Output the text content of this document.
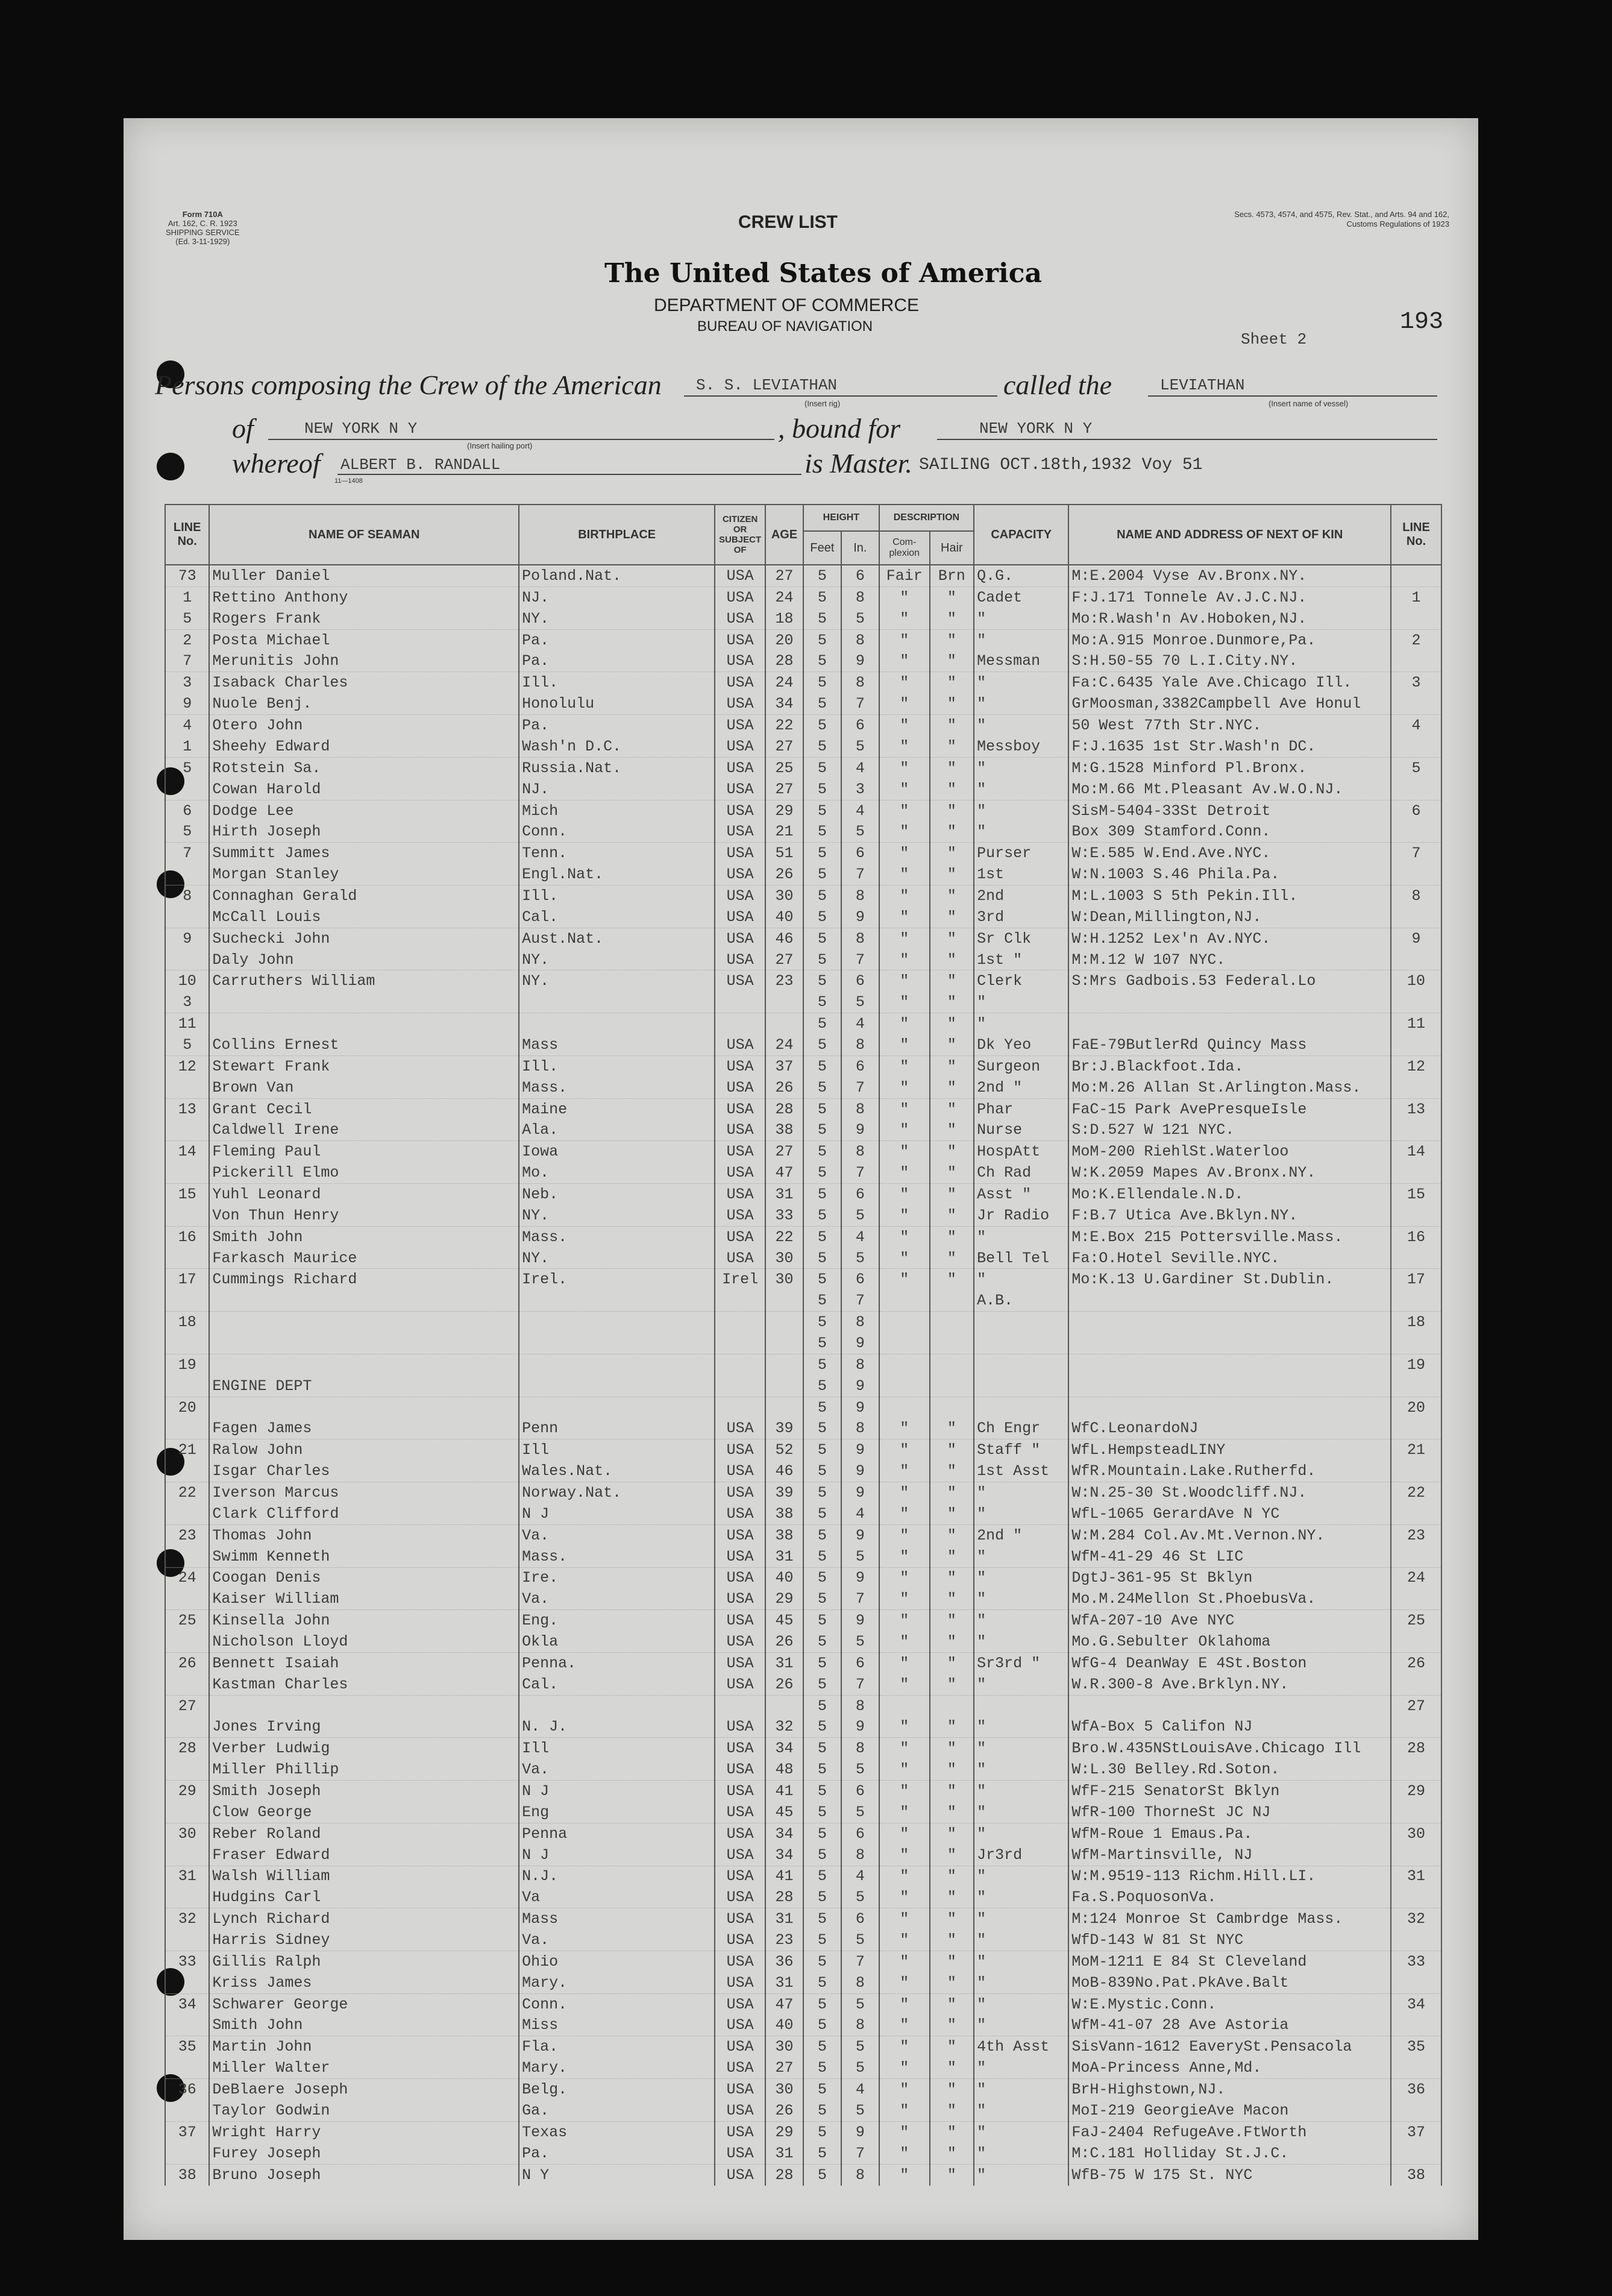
Form 710A
Art. 162, C. R. 1923
SHIPPING SERVICE
(Ed. 3-11-1929)
CREW LIST	Secs. 4573, 4574, and 4575, Rev. Stat., and Arts. 94 and 162, Customs Regulations of 1923
The United States of America
DEPARTMENT OF COMMERCE
BUREAU OF NAVIGATION	193
Sheet 2
Persons composing the Crew of the American S. S. LEVIATHAN
(Insert rig)
called the	LEVIATHAN
(Insert name of vessel)
of	NEW YORK N Y
(Insert hailing port)
, bound for	NEW YORK N Y
whereof ALBERT B. RANDALL
11—1408
is Master. SAILING OCT.18th,1932 Voy 51
LINE No.	NAME OF SEAMAN	BIRTHPLACE	CITIZEN OR SUBJECT OF	AGE	HEIGHT		DESCRIPTION		CAPACITY	NAME AND ADDRESS OF NEXT OF KIN	LINE No.
					Feet	In.	Com-plexion	Hair			
73	Muller Daniel	Poland.Nat.	USA	27	5	6	Fair	Brn	Q.G.	M:E.2004 Vyse Av.Bronx.NY.	
1	Rettino Anthony	NJ.	USA	24	5	8	"	"	Cadet	F:J.171 Tonnele Av.J.C.NJ.	1
5	Rogers Frank	NY.	USA	18	5	5	"	"	"	Mo:R.Wash'n Av.Hoboken,NJ.	
2	Posta Michael	Pa.	USA	20	5	8	"	"	"	Mo:A.915 Monroe.Dunmore,Pa.	2
7	Merunitis John	Pa.	USA	28	5	9	"	"	Messman	S:H.50-55 70 L.I.City.NY.	
3	Isaback Charles	Ill.	USA	24	5	8	"	"	"	Fa:C.6435 Yale Ave.Chicago Ill.	3
9	Nuole Benj.	Honolulu	USA	34	5	7	"	"	"	GrMoosman,3382Campbell Ave Honul	
4	Otero John	Pa.	USA	22	5	6	"	"	"	50 West 77th Str.NYC.	4
1	Sheehy Edward	Wash'n D.C.	USA	27	5	5	"	"	Messboy	F:J.1635 1st Str.Wash'n DC.	
5	Rotstein Sa.	Russia.Nat.	USA	25	5	4	"	"	"	M:G.1528 Minford Pl.Bronx.	5
	Cowan Harold	NJ.	USA	27	5	3	"	"	"	Mo:M.66 Mt.Pleasant Av.W.O.NJ.	
6	Dodge Lee	Mich	USA	29	5	4	"	"	"	SisM-5404-33St Detroit	6
5	Hirth Joseph	Conn.	USA	21	5	5	"	"	"	Box 309 Stamford.Conn.	
7	Summitt James	Tenn.	USA	51	5	6	"	"	Purser	W:E.585 W.End.Ave.NYC.	7
	Morgan Stanley	Engl.Nat.	USA	26	5	7	"	"	1st	W:N.1003 S.46 Phila.Pa.	
8	Connaghan Gerald	Ill.	USA	30	5	8	"	"	2nd	M:L.1003 S 5th Pekin.Ill.	8
	McCall Louis	Cal.	USA	40	5	9	"	"	3rd	W:Dean,Millington,NJ.	
9	Suchecki John	Aust.Nat.	USA	46	5	8	"	"	Sr Clk	W:H.1252 Lex'n Av.NYC.	9
	Daly John	NY.	USA	27	5	7	"	"	1st "	M:M.12 W 107 NYC.	
10	Carruthers William	NY.	USA	23	5	6	"	"	Clerk	S:Mrs Gadbois.53 Federal.Lo	10
3					5	5	"	"	"		
11					5	4	"	"	"		11
5	Collins Ernest	Mass	USA	24	5	8	"	"	Dk Yeo	FaE-79ButlerRd Quincy Mass	
12	Stewart Frank	Ill.	USA	37	5	6	"	"	Surgeon	Br:J.Blackfoot.Ida.	12
	Brown Van	Mass.	USA	26	5	7	"	"	2nd "	Mo:M.26 Allan St.Arlington.Mass.	
13	Grant Cecil	Maine	USA	28	5	8	"	"	Phar	FaC-15 Park AvePresqueIsle	13
	Caldwell Irene	Ala.	USA	38	5	9	"	"	Nurse	S:D.527 W 121 NYC.	
14	Fleming Paul	Iowa	USA	27	5	8	"	"	HospAtt	MoM-200 RiehlSt.Waterloo	14
	Pickerill Elmo	Mo.	USA	47	5	7	"	"	Ch Rad	W:K.2059 Mapes Av.Bronx.NY.	
15	Yuhl Leonard	Neb.	USA	31	5	6	"	"	Asst "	Mo:K.Ellendale.N.D.	15
	Von Thun Henry	NY.	USA	33	5	5	"	"	Jr Radio	F:B.7 Utica Ave.Bklyn.NY.	
16	Smith John	Mass.	USA	22	5	4	"	"	"	M:E.Box 215 Pottersville.Mass.	16
	Farkasch Maurice	NY.	USA	30	5	5	"	"	Bell Tel	Fa:O.Hotel Seville.NYC.	
17	Cummings Richard	Irel.	Irel	30	5	6	"	"	"	Mo:K.13 U.Gardiner St.Dublin.	17
					5	7			A.B.		
18					5	8					18
					5	9					
19					5	8					19
	ENGINE DEPT				5	9					
20					5	9					20
	Fagen James	Penn	USA	39	5	8	"	"	Ch Engr	WfC.LeonardoNJ	
21	Ralow John	Ill	USA	52	5	9	"	"	Staff "	WfL.HempsteadLINY	21
	Isgar Charles	Wales.Nat.	USA	46	5	9	"	"	1st Asst	WfR.Mountain.Lake.Rutherfd.	
22	Iverson Marcus	Norway.Nat.	USA	39	5	9	"	"	"	W:N.25-30 St.Woodcliff.NJ.	22
	Clark Clifford	N J	USA	38	5	4	"	"	"	WfL-1065 GerardAve N YC	
23	Thomas John	Va.	USA	38	5	9	"	"	2nd "	W:M.284 Col.Av.Mt.Vernon.NY.	23
	Swimm Kenneth	Mass.	USA	31	5	5	"	"	"	WfM-41-29 46 St LIC	
24	Coogan Denis	Ire.	USA	40	5	9	"	"	"	DgtJ-361-95 St Bklyn	24
	Kaiser William	Va.	USA	29	5	7	"	"	"	Mo.M.24Mellon St.PhoebusVa.	
25	Kinsella John	Eng.	USA	45	5	9	"	"	"	WfA-207-10 Ave NYC	25
	Nicholson Lloyd	Okla	USA	26	5	5	"	"	"	Mo.G.Sebulter Oklahoma	
26	Bennett Isaiah	Penna.	USA	31	5	6	"	"	Sr3rd "	WfG-4 DeanWay E 4St.Boston	26
	Kastman Charles	Cal.	USA	26	5	7	"	"	"	W.R.300-8 Ave.Brklyn.NY.	
27					5	8					27
	Jones Irving	N. J.	USA	32	5	9	"	"	"	WfA-Box 5 Califon NJ	
28	Verber Ludwig	Ill	USA	34	5	8	"	"	"	Bro.W.435NStLouisAve.Chicago Ill	28
	Miller Phillip	Va.	USA	48	5	5	"	"	"	W:L.30 Belley.Rd.Soton.	
29	Smith Joseph	N J	USA	41	5	6	"	"	"	WfF-215 SenatorSt Bklyn	29
	Clow George	Eng	USA	45	5	5	"	"	"	WfR-100 ThorneSt JC NJ	
30	Reber Roland	Penna	USA	34	5	6	"	"	"	WfM-Roue 1 Emaus.Pa.	30
	Fraser Edward	N J	USA	34	5	8	"	"	Jr3rd	WfM-Martinsville, NJ	
31	Walsh William	N.J.	USA	41	5	4	"	"	"	W:M.9519-113 Richm.Hill.LI.	31
	Hudgins Carl	Va	USA	28	5	5	"	"	"	Fa.S.PoquosonVa.	
32	Lynch Richard	Mass	USA	31	5	6	"	"	"	M:124 Monroe St Cambrdge Mass.	32
	Harris Sidney	Va.	USA	23	5	5	"	"	"	WfD-143 W 81 St NYC	
33	Gillis Ralph	Ohio	USA	36	5	7	"	"	"	MoM-1211 E 84 St Cleveland	33
	Kriss James	Mary.	USA	31	5	8	"	"	"	MoB-839No.Pat.PkAve.Balt	
34	Schwarer George	Conn.	USA	47	5	5	"	"	"	W:E.Mystic.Conn.	34
	Smith John	Miss	USA	40	5	8	"	"	"	WfM-41-07 28 Ave Astoria	
35	Martin John	Fla.	USA	30	5	5	"	"	4th Asst	SisVann-1612 EaverySt.Pensacola	35
	Miller Walter	Mary.	USA	27	5	5	"	"	"	MoA-Princess Anne,Md.	
36	DeBlaere Joseph	Belg.	USA	30	5	4	"	"	"	BrH-Highstown,NJ.	36
	Taylor Godwin	Ga.	USA	26	5	5	"	"	"	MoI-219 GeorgieAve Macon	
37	Wright Harry	Texas	USA	29	5	9	"	"	"	FaJ-2404 RefugeAve.FtWorth	37
	Furey Joseph	Pa.	USA	31	5	7	"	"	"	M:C.181 Holliday St.J.C.	
38	Bruno Joseph	N Y	USA	28	5	8	"	"	"	WfB-75 W 175 St. NYC	38
